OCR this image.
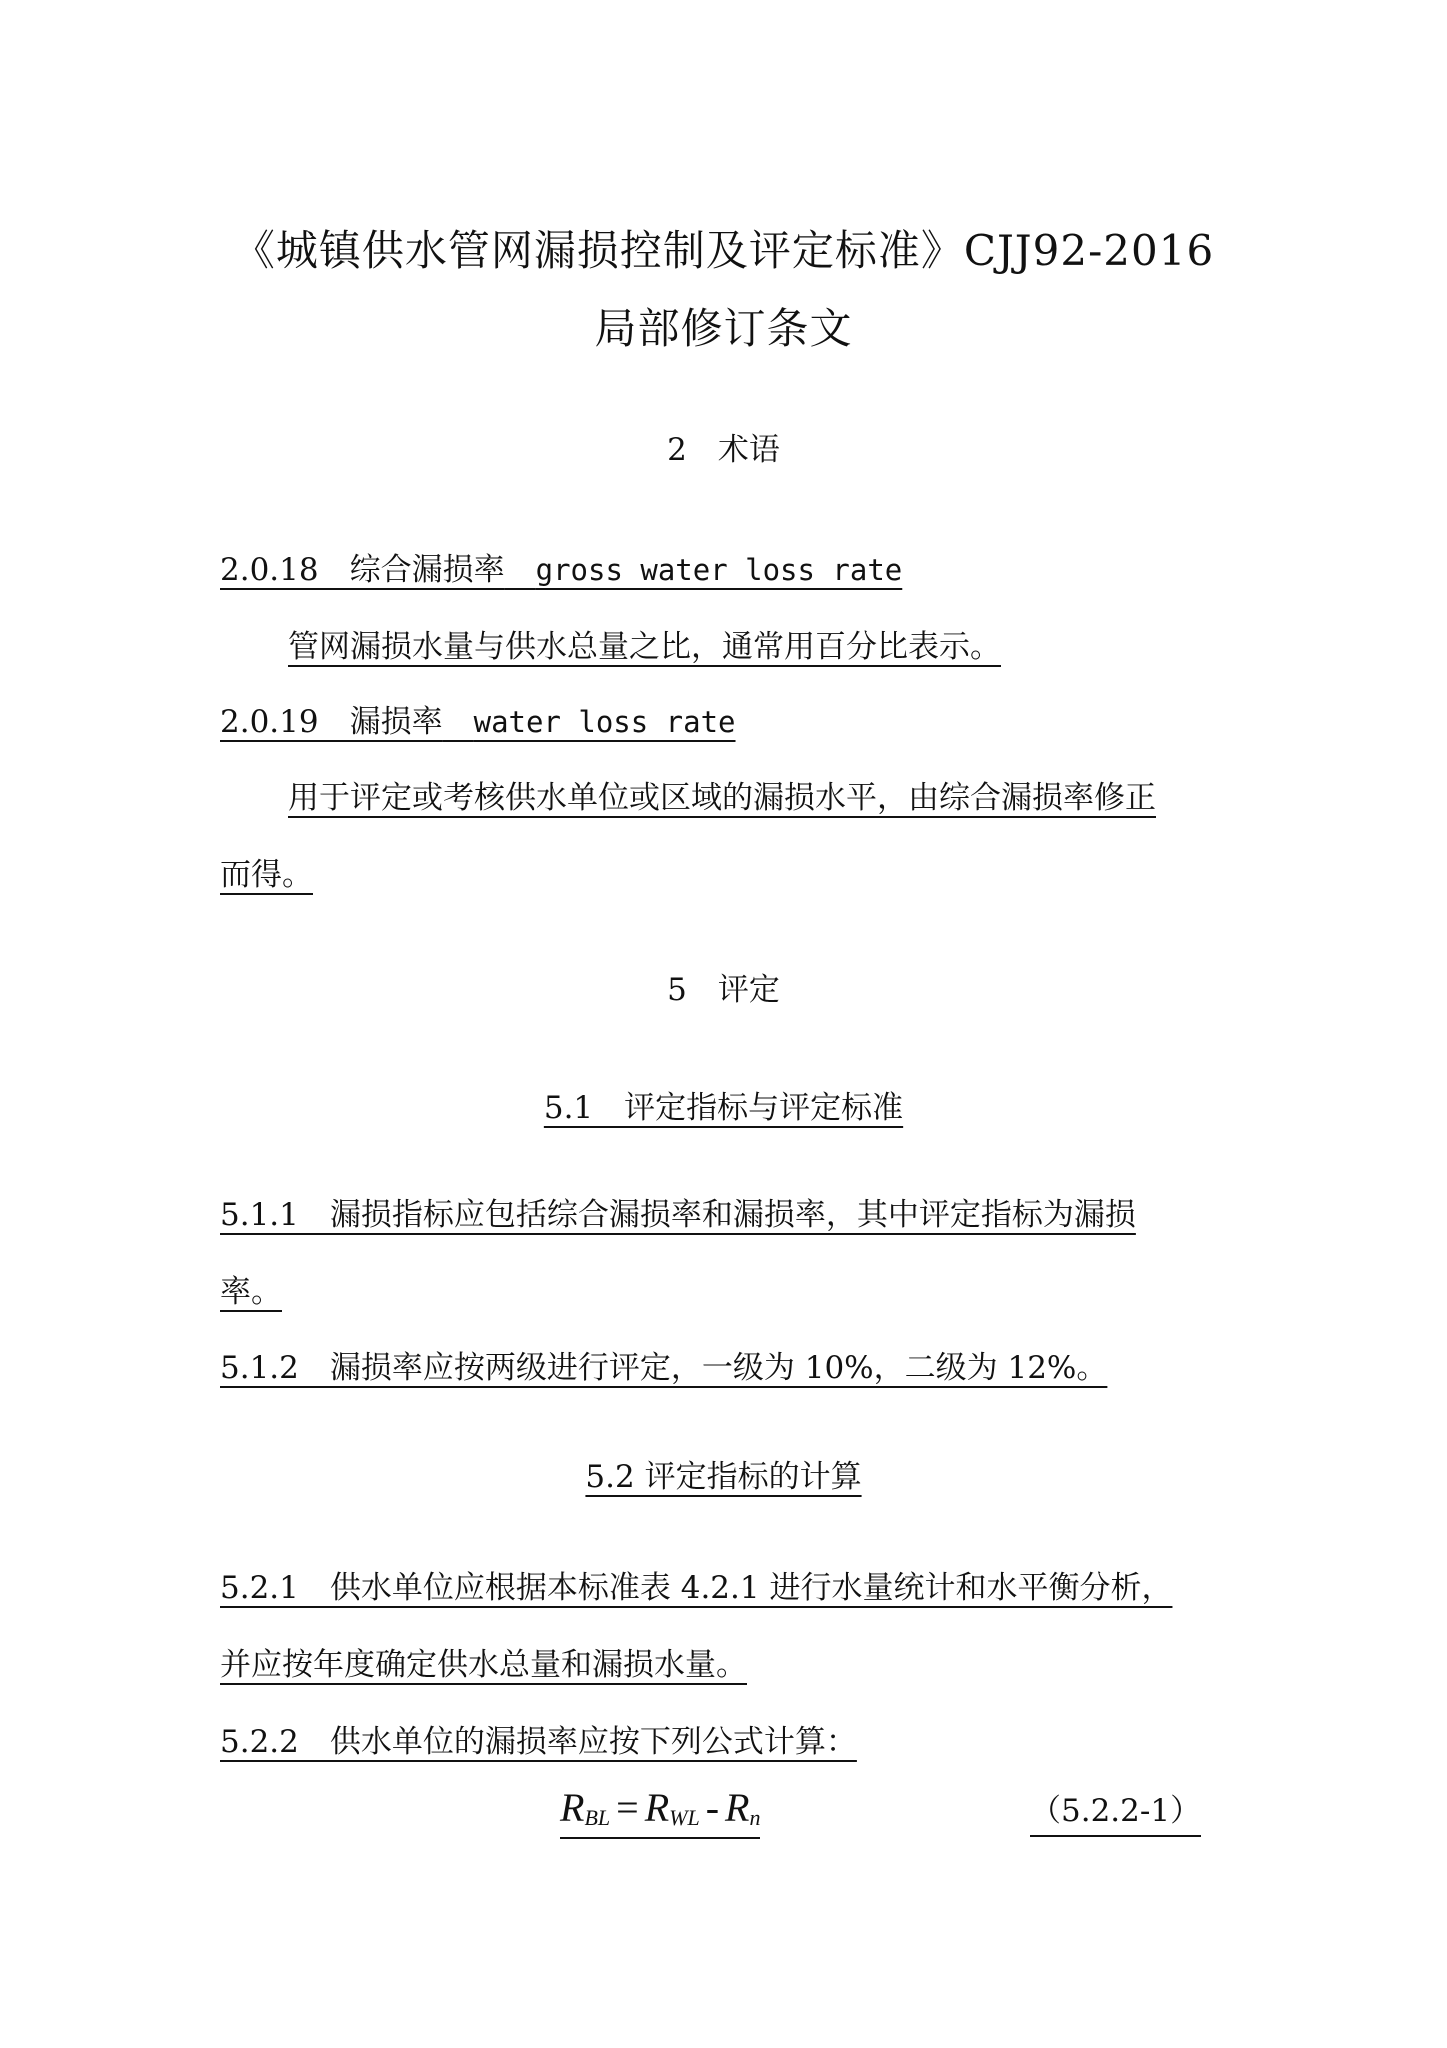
《城镇供水管网漏损控制及评定标准》CJJ92-2016
局部修订条文
2　术语
2.0.18　综合漏损率　 gross water loss rate
管网漏损水量与供水总量之比，通常用百分比表示。
2.0.19　漏损率　 water loss rate
用于评定或考核供水单位或区域的漏损水平，由综合漏损率修正
而得。
5　评定
5.1　评定指标与评定标准
5.1.1　漏损指标应包括综合漏损率和漏损率，其中评定指标为漏损
率。
5.1.2　漏损率应按两级进行评定，一级为 10%，二级为 12%。
5.2 评定指标的计算
5.2.1　供水单位应根据本标准表 4.2.1 进行水量统计和水平衡分析，
并应按年度确定供水总量和漏损水量。
5.2.2　供水单位的漏损率应按下列公式计算：
$R_{BL} = R_{WL} - R_n$	（5.2.2-1）
